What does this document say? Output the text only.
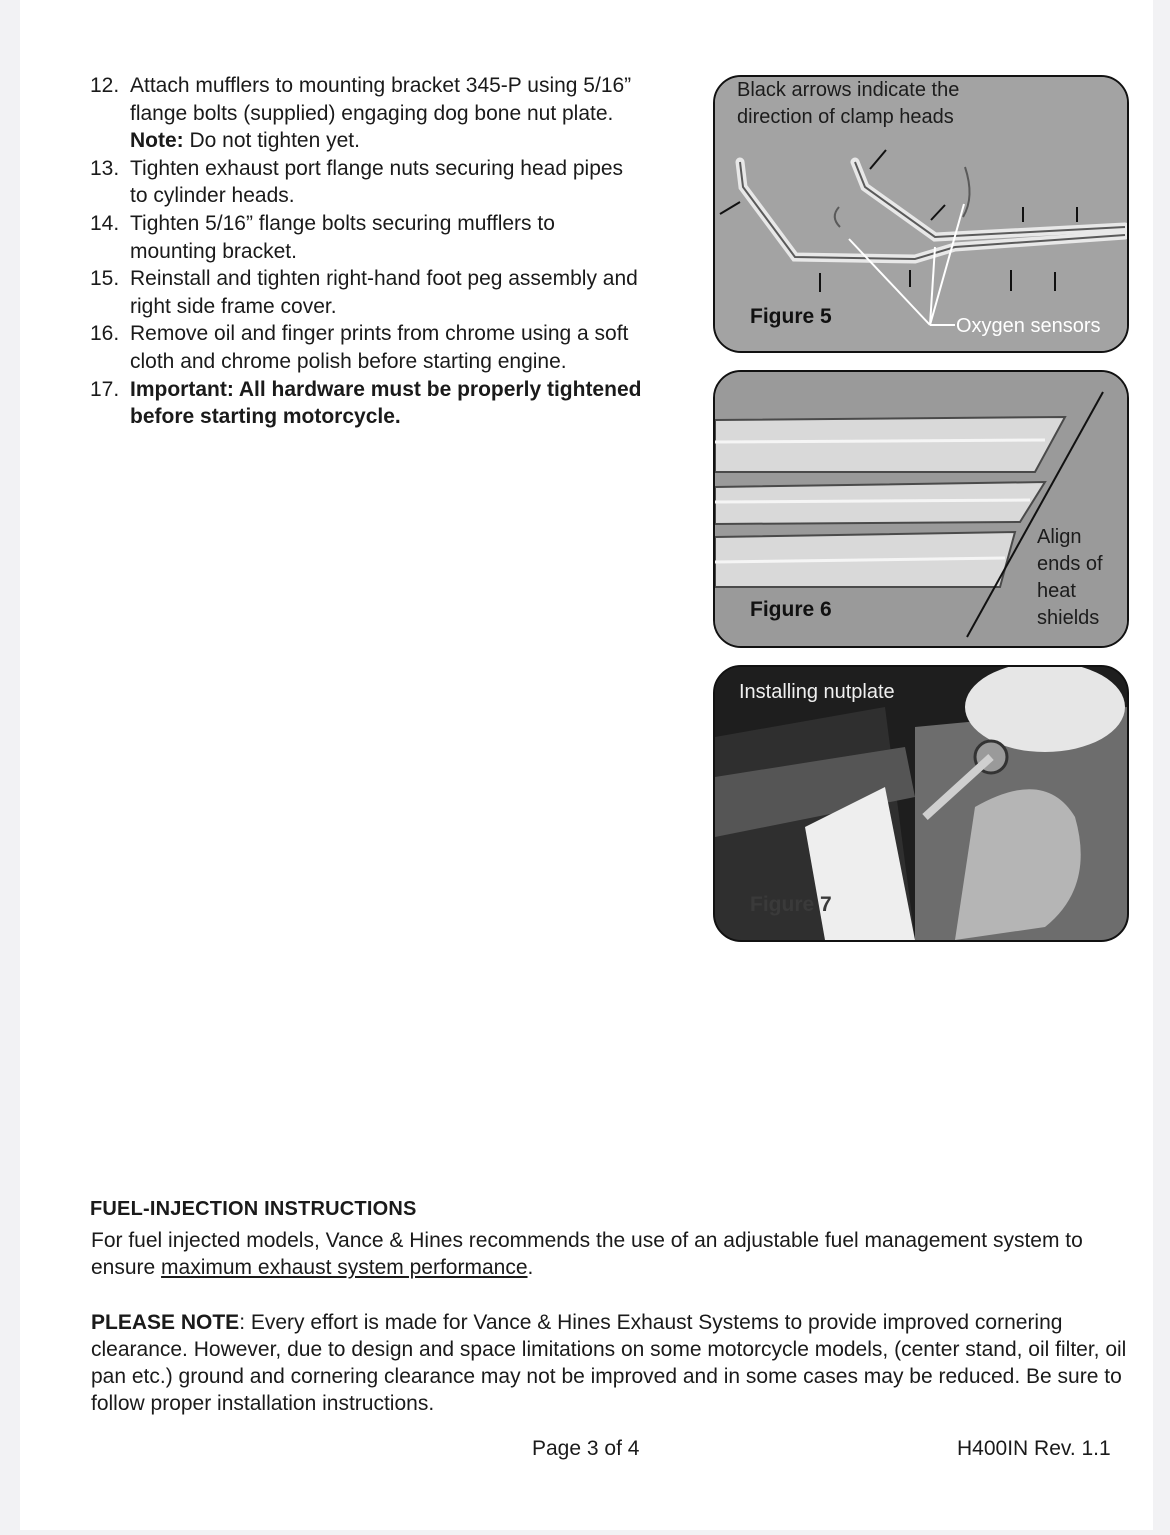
12. Attach mufflers to mounting bracket 345-P using 5/16”
flange bolts (supplied) engaging dog bone nut plate.
Note: Do not tighten yet.
13. Tighten exhaust port flange nuts securing head pipes
to cylinder heads.
14. Tighten 5/16” flange bolts securing mufflers to
mounting bracket.
15. Reinstall and tighten right-hand foot peg assembly and
right side frame cover.
16. Remove oil and finger prints from chrome using a soft
cloth and chrome polish before starting engine.
17. Important: All hardware must be properly tightened
before starting motorcycle.
Black arrows indicate the
direction of clamp heads
Figure 5	Oxygen sensors
Figure 6
Align
ends of
heat
shields
Installing nutplate
Figure 7
FUEL-INJECTION INSTRUCTIONS
For fuel injected models, Vance & Hines recommends the use of an adjustable fuel management system to ensure maximum exhaust system performance.
PLEASE NOTE: Every effort is made for Vance & Hines Exhaust Systems to provide improved cornering clearance. However, due to design and space limitations on some motorcycle models, (center stand, oil filter, oil pan etc.) ground and cornering clearance may not be improved and in some cases may be reduced. Be sure to follow proper installation instructions.
Page 3 of 4	H400IN Rev. 1.1
